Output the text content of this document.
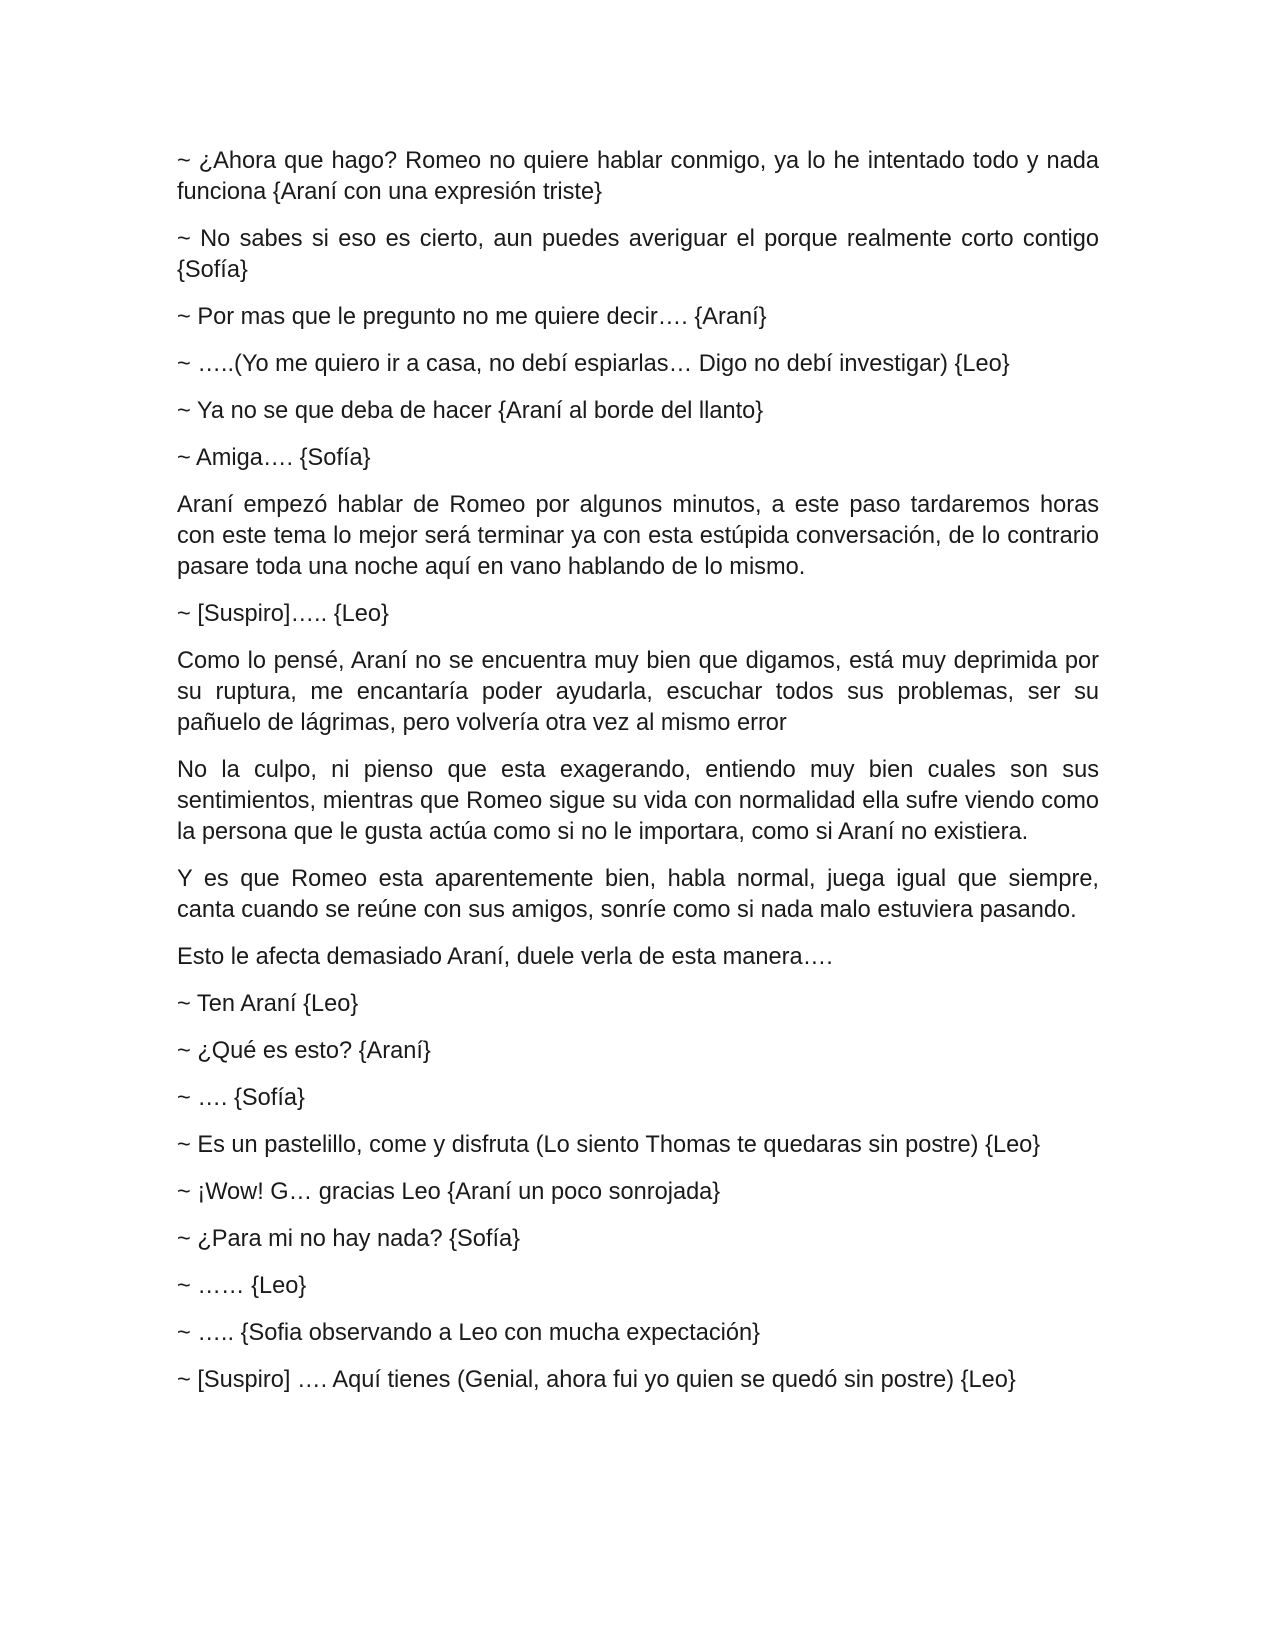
~ ¿Ahora que hago? Romeo no quiere hablar conmigo, ya lo he intentado todo y nada funciona {Araní con una expresión triste}

~ No sabes si eso es cierto, aun puedes averiguar el porque realmente corto contigo {Sofía}

~ Por mas que le pregunto no me quiere decir…. {Araní}

~ …..(Yo me quiero ir a casa, no debí espiarlas… Digo no debí investigar) {Leo}

~ Ya no se que deba de hacer {Araní al borde del llanto}

~ Amiga…. {Sofía}

Araní empezó hablar de Romeo por algunos minutos, a este paso tardaremos horas con este tema lo mejor será terminar ya con esta estúpida conversación, de lo contrario pasare toda una noche aquí en vano hablando de lo mismo.

~ [Suspiro]….. {Leo}

Como lo pensé, Araní no se encuentra muy bien que digamos, está muy deprimida por su ruptura, me encantaría poder ayudarla, escuchar todos sus problemas, ser su pañuelo de lágrimas, pero volvería otra vez al mismo error

No la culpo, ni pienso que esta exagerando, entiendo muy bien cuales son sus sentimientos, mientras que Romeo sigue su vida con normalidad ella sufre viendo como la persona que le gusta actúa como si no le importara, como si Araní no existiera.

Y es que Romeo esta aparentemente bien, habla normal, juega igual que siempre, canta cuando se reúne con sus amigos, sonríe como si nada malo estuviera pasando.

Esto le afecta demasiado Araní, duele verla de esta manera….

~ Ten Araní {Leo}

~ ¿Qué es esto? {Araní}

~ …. {Sofía}

~ Es un pastelillo, come y disfruta (Lo siento Thomas te quedaras sin postre) {Leo}

~ ¡Wow! G… gracias Leo {Araní un poco sonrojada}

~ ¿Para mi no hay nada? {Sofía}

~ …… {Leo}

~ ….. {Sofia observando a Leo con mucha expectación}

~ [Suspiro] …. Aquí tienes (Genial, ahora fui yo quien se quedó sin postre) {Leo}
